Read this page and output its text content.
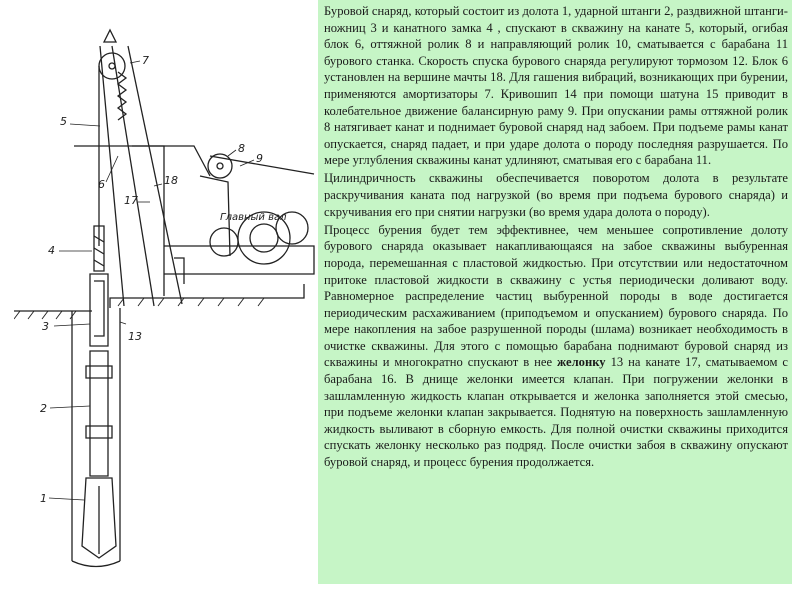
7
8
9
6	18
17
Главный вал
5
4
3
13
2
1

Буровой снаряд, который состоит из долота 1, ударной штанги 2, раздвижной штанги-ножниц 3 и канатного замка 4 , спускают в скважину на канате 5, который, огибая блок 6, оттяжной ролик 8 и направляющий ролик 10, сматывается с барабана 11 бурового станка. Скорость спуска бурового снаряда регулируют тормозом 12. Блок 6 установлен на вершине мачты 18. Для гашения вибраций, возникающих при бурении, применяются амортизаторы 7. Кривошип 14 при помощи шатуна 15 приводит в колебательное движение балансирную раму 9. При опускании рамы оттяжной ролик 8 натягивает канат и поднимает буровой снаряд над забоем. При подъеме рамы канат опускается, снаряд падает, и при ударе долота о породу последняя разрушается. По мере углубления скважины канат удлиняют, сматывая его с барабана 11.

Цилиндричность скважины обеспечивается поворотом долота в результате раскручивания каната под нагрузкой (во время при подъема бурового снаряда) и скручивания его при снятии нагрузки (во время удара долота о породу).

Процесс бурения будет тем эффективнее, чем меньшее сопротивление долоту бурового снаряда оказывает накапливающаяся на забое скважины выбуренная порода, перемешанная с пластовой жидкостью. При отсутствии или недостаточном притоке пластовой жидкости в скважину с устья периодически доливают воду. Равномерное распределение частиц выбуренной породы в воде достигается периодическим расхаживанием (приподъемом и опусканием) бурового снаряда. По мере накопления на забое разрушенной породы (шлама) возникает необходимость в очистке скважины. Для этого с помощью барабана поднимают буровой снаряд из скважины и многократно спускают в нее желонку 13 на канате 17, сматываемом с барабана 16. В днище желонки имеется клапан. При погружении желонки в зашламленную жидкость клапан открывается и желонка заполняется этой смесью, при подъеме желонки клапан закрывается. Поднятую на поверхность зашламленную жидкость выливают в сборную емкость. Для полной очистки скважины приходится спускать желонку несколько раз подряд. После очистки забоя в скважину опускают буровой снаряд, и процесс бурения продолжается.
